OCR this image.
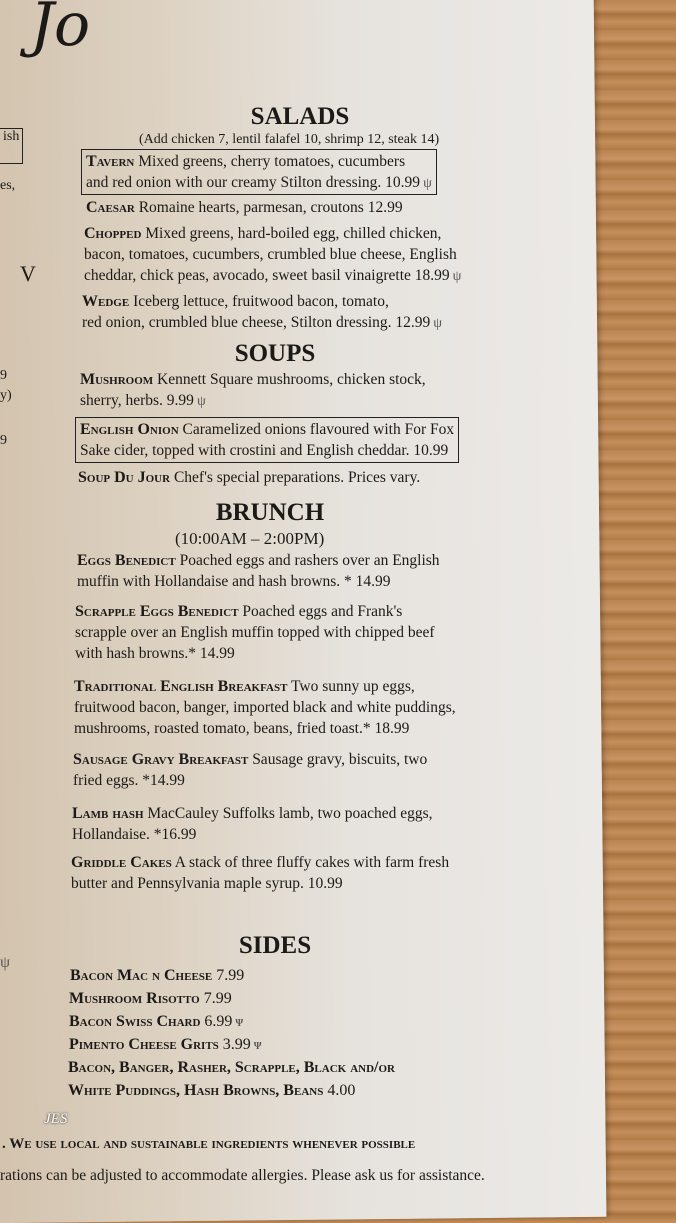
Jo
ish
es,
9
y)
9
V
SALADS
(Add chicken 7, lentil falafel 10, shrimp 12, steak 14)
Tavern Mixed greens, cherry tomatoes, cucumbers
and red onion with our creamy Stilton dressing. 10.99 ψ
Caesar Romaine hearts, parmesan, croutons 12.99
Chopped Mixed greens, hard-boiled egg, chilled chicken,
bacon, tomatoes, cucumbers, crumbled blue cheese, English
cheddar, chick peas, avocado, sweet basil vinaigrette 18.99 ψ
Wedge Iceberg lettuce, fruitwood bacon, tomato,
red onion, crumbled blue cheese, Stilton dressing. 12.99 ψ
SOUPS
Mushroom Kennett Square mushrooms, chicken stock,
sherry, herbs. 9.99 ψ
English Onion Caramelized onions flavoured with For Fox
Sake cider, topped with crostini and English cheddar. 10.99
Soup Du Jour Chef's special preparations. Prices vary.
BRUNCH
(10:00AM – 2:00PM)
Eggs Benedict Poached eggs and rashers over an English
muffin with Hollandaise and hash browns. * 14.99
Scrapple Eggs Benedict Poached eggs and Frank's
scrapple over an English muffin topped with chipped beef
with hash browns.* 14.99
Traditional English Breakfast Two sunny up eggs,
fruitwood bacon, banger, imported black and white puddings,
mushrooms, roasted tomato, beans, fried toast.* 18.99
Sausage Gravy Breakfast Sausage gravy, biscuits, two
fried eggs. *14.99
Lamb hash MacCauley Suffolks lamb, two poached eggs,
Hollandaise. *16.99
Griddle Cakes A stack of three fluffy cakes with farm fresh
butter and Pennsylvania maple syrup. 10.99
SIDES
Bacon Mac n Cheese 7.99
Mushroom Risotto 7.99
Bacon Swiss Chard 6.99 ψ
Pimento Cheese Grits 3.99 ψ
Bacon, Banger, Rasher, Scrapple, Black and/or
White Puddings, Hash Browns, Beans 4.00
ψ
JES
. We use local and sustainable ingredients whenever possible
rations can be adjusted to accommodate allergies. Please ask us for assistance.
